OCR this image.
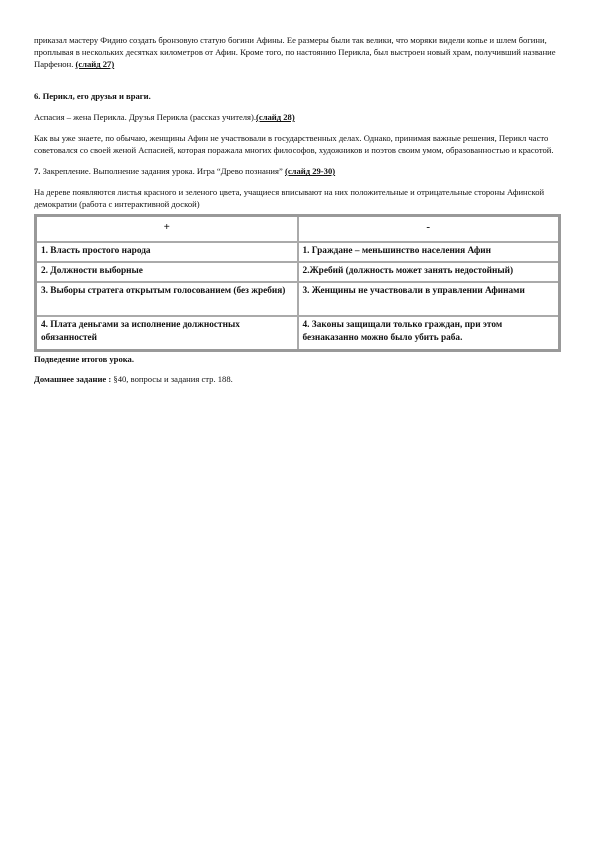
приказал мастеру Фидию создать бронзовую статую богини Афины. Ее размеры были так велики, что моряки видели копье и шлем богини, проплывая в нескольких десятках километров от Афин. Кроме того, по настоянию Перикла, был выстроен новый храм, получивший название Парфенон. (слайд 27)

6. Перикл, его друзья и враги.

Аспасия – жена Перикла. Друзья Перикла (рассказ учителя).(слайд 28)

Как вы уже знаете, по обычаю, женщины Афин не участвовали в государственных делах. Однако, принимая важные решения, Перикл часто советовался со своей женой Аспасией, которая поражала многих философов, художников и поэтов своим умом, образованностью и красотой.

7. Закрепление. Выполнение задания урока. Игра “Древо познания” (слайд 29-30)

На дереве появляются листья красного и зеленого цвета, учащиеся вписывают на них положительные и отрицательные стороны Афинской демократии (работа с интерактивной доской)

+	-
1. Власть простого народа	1. Граждане – меньшинство населения Афин
2. Должности выборные	2.Жребий (должность может занять недостойный)
3. Выборы стратега открытым голосованием (без жребия)	3. Женщины не участвовали в управлении Афинами
4. Плата деньгами за исполнение должностных обязанностей	4. Законы защищали только граждан, при этом безнаказанно можно было убить раба.

Подведение итогов урока.

Домашнее задание : §40, вопросы и задания стр. 188.
